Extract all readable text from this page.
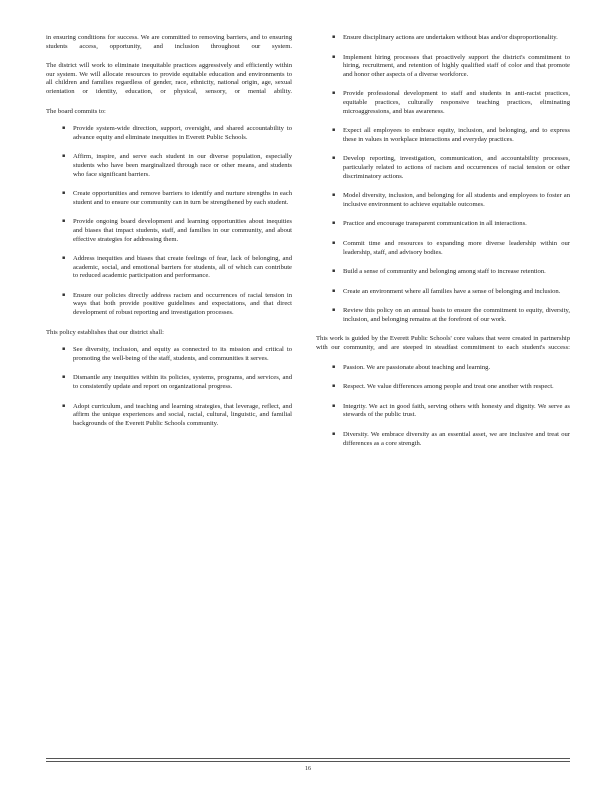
in ensuring conditions for success. We are committed to removing barriers, and to ensuring students access, opportunity, and inclusion throughout our system.

The district will work to eliminate inequitable practices aggressively and efficiently within our system. We will allocate resources to provide equitable education and environments to all children and families regardless of gender, race, ethnicity, national origin, age, sexual orientation or identity, education, or physical, sensory, or mental ability.

The board commits to:

▪ Provide system-wide direction, support, oversight, and shared accountability to advance equity and eliminate inequities in Everett Public Schools.
▪ Affirm, inspire, and serve each student in our diverse population, especially students who have been marginalized through race or other means, and students who face significant barriers.
▪ Create opportunities and remove barriers to identify and nurture strengths in each student and to ensure our community can in turn be strengthened by each student.
▪ Provide ongoing board development and learning opportunities about inequities and biases that impact students, staff, and families in our community, and about effective strategies for addressing them.
▪ Address inequities and biases that create feelings of fear, lack of belonging, and academic, social, and emotional barriers for students, all of which can contribute to reduced academic participation and performance.
▪ Ensure our policies directly address racism and occurrences of racial tension in ways that both provide positive guidelines and expectations, and that direct development of robust reporting and investigation processes.

This policy establishes that our district shall:

▪ See diversity, inclusion, and equity as connected to its mission and critical to promoting the well-being of the staff, students, and communities it serves.
▪ Dismantle any inequities within its policies, systems, programs, and services, and to consistently update and report on organizational progress.
▪ Adopt curriculum, and teaching and learning strategies, that leverage, reflect, and affirm the unique experiences and social, racial, cultural, linguistic, and familial backgrounds of the Everett Public Schools community.
▪ Ensure disciplinary actions are undertaken without bias and/or disproportionality.
▪ Implement hiring processes that proactively support the district's commitment to hiring, recruitment, and retention of highly qualified staff of color and that promote and honor other aspects of a diverse workforce.
▪ Provide professional development to staff and students in anti-racist practices, equitable practices, culturally responsive teaching practices, eliminating microaggressions, and bias awareness.
▪ Expect all employees to embrace equity, inclusion, and belonging, and to express these in values in workplace interactions and everyday practices.
▪ Develop reporting, investigation, communication, and accountability processes, particularly related to actions of racism and occurrences of racial tension or other discriminatory actions.
▪ Model diversity, inclusion, and belonging for all students and employees to foster an inclusive environment to achieve equitable outcomes.
▪ Practice and encourage transparent communication in all interactions.
▪ Commit time and resources to expanding more diverse leadership within our leadership, staff, and advisory bodies.
▪ Build a sense of community and belonging among staff to increase retention.
▪ Create an environment where all families have a sense of belonging and inclusion.
▪ Review this policy on an annual basis to ensure the commitment to equity, diversity, inclusion, and belonging remains at the forefront of our work.

This work is guided by the Everett Public Schools' core values that were created in partnership with our community, and are steeped in steadfast commitment to each student's success:

▪ Passion. We are passionate about teaching and learning.
▪ Respect. We value differences among people and treat one another with respect.
▪ Integrity. We act in good faith, serving others with honesty and dignity. We serve as stewards of the public trust.
▪ Diversity. We embrace diversity as an essential asset, we are inclusive and treat our differences as a core strength.
16
